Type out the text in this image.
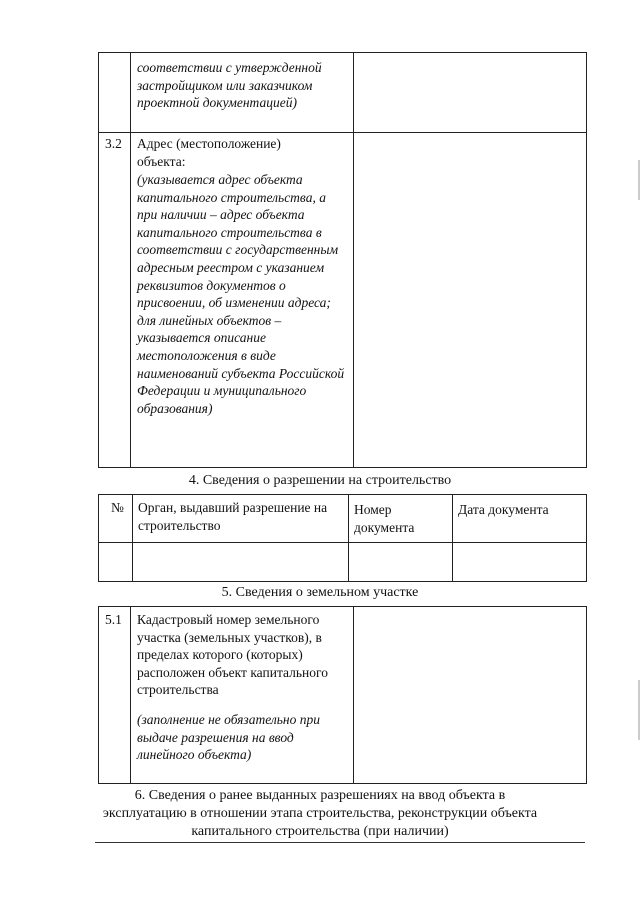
соответствии с утвержденной застройщиком или заказчиком проектной документацией)
3.2 Адрес (местоположение) объекта:
(указывается адрес объекта капитального строительства, а при наличии – адрес объекта капитального строительства в соответствии с государственным адресным реестром с указанием реквизитов документов о присвоении, об изменении адреса; для линейных объектов – указывается описание местоположения в виде наименований субъекта Российской Федерации и муниципального образования)
4. Сведения о разрешении на строительство
№ Орган, выдавший разрешение на строительство
Номер документа
Дата документа
5. Сведения о земельном участке
5.1 Кадастровый номер земельного участка (земельных участков), в пределах которого (которых) расположен объект капитального строительства
(заполнение не обязательно при выдаче разрешения на ввод линейного объекта)
6. Сведения о ранее выданных разрешениях на ввод объекта в
эксплуатацию в отношении этапа строительства, реконструкции объекта
капитального строительства (при наличии)
